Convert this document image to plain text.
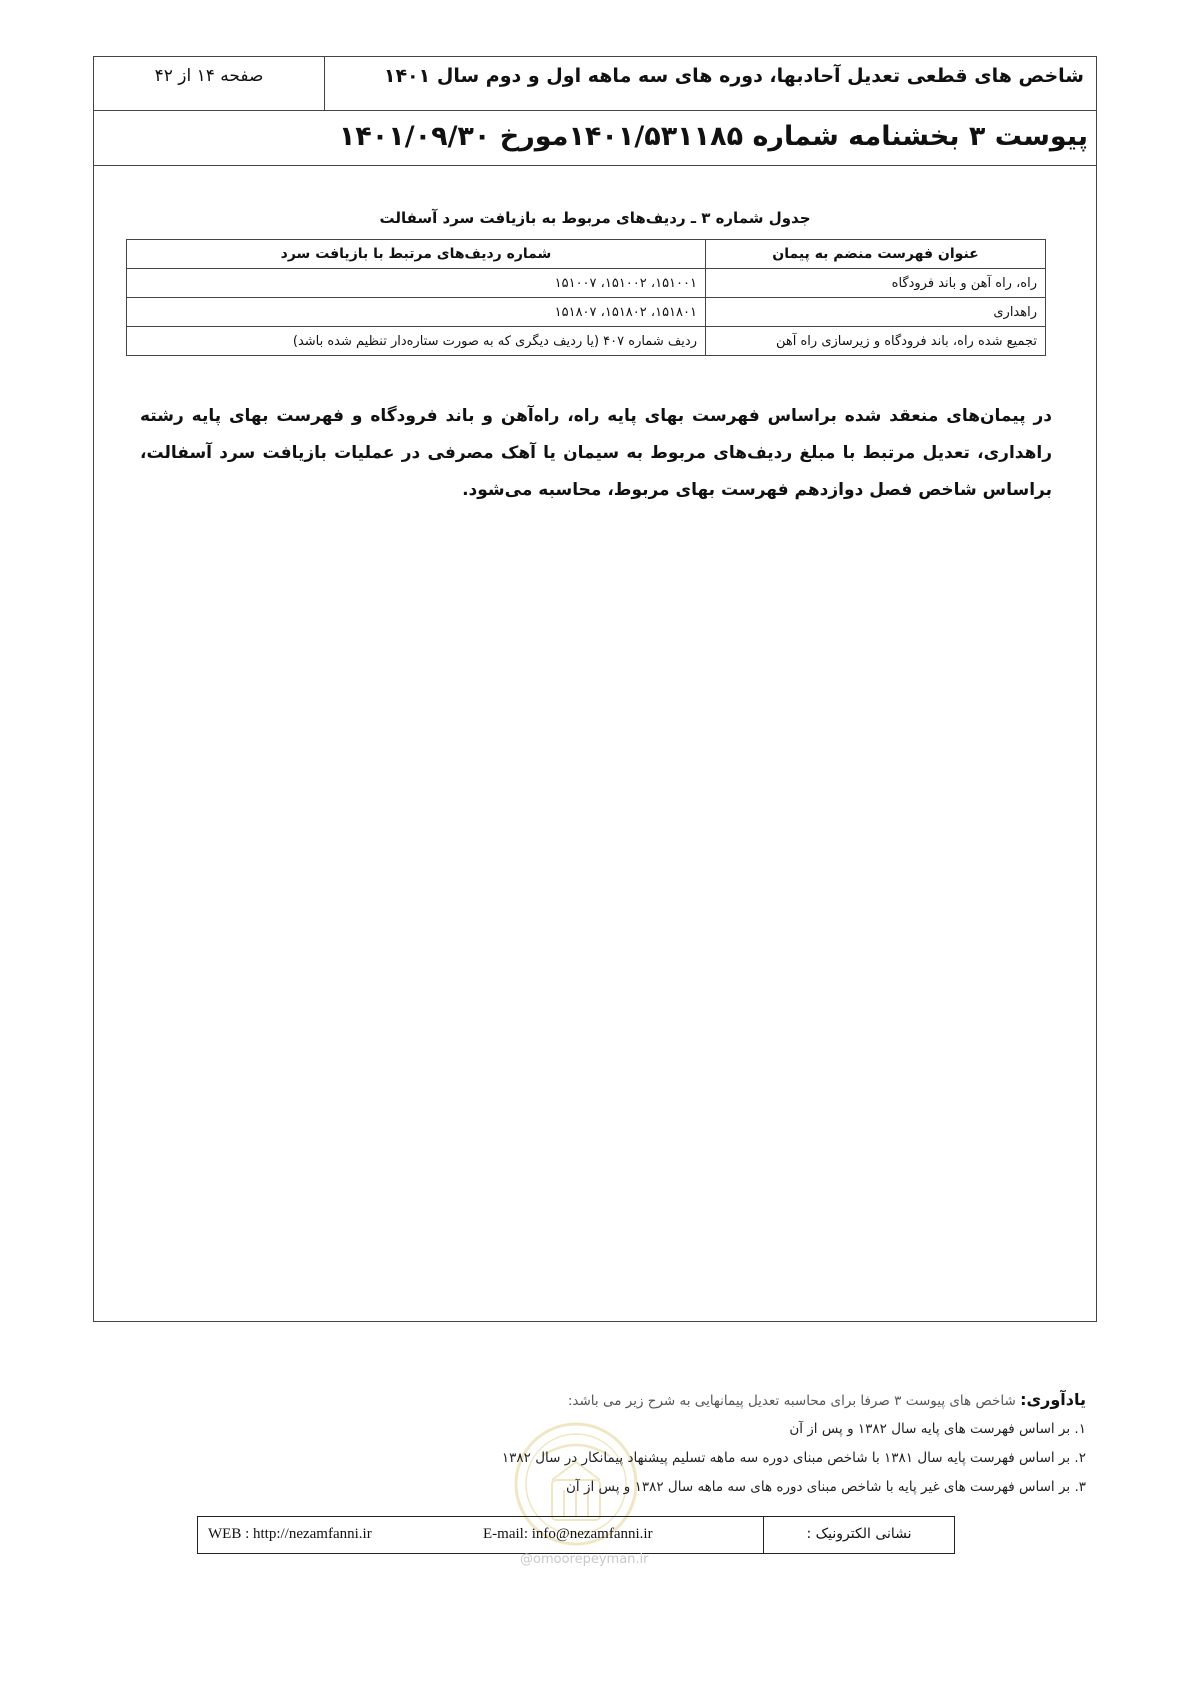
شاخص های قطعی تعدیل آحادبها، دوره های سه ماهه اول و دوم سال ۱۴۰۱
صفحه ۱۴ از ۴۲
پیوست ۳ بخشنامه شماره ۱۴۰۱/۵۳۱۱۸۵مورخ ۱۴۰۱/۰۹/۳۰
جدول شماره ۳ ـ ردیف‌های مربوط به بازیافت سرد آسفالت
عنوان فهرست منضم به پیمان	شماره ردیف‌های مرتبط با بازیافت سرد
راه، راه آهن و باند فرودگاه	۱۵۱۰۰۱، ۱۵۱۰۰۲، ۱۵۱۰۰۷
راهداری	۱۵۱۸۰۱، ۱۵۱۸۰۲، ۱۵۱۸۰۷
تجمیع شده راه، باند فرودگاه و زیرسازی راه آهن	ردیف شماره ۴۰۷ (یا ردیف دیگری که به صورت ستاره‌دار تنظیم شده باشد)
در پیمان‌های منعقد شده براساس فهرست بهای پایه راه، راه‌آهن و باند فرودگاه و فهرست بهای پایه رشته راهداری، تعدیل مرتبط با مبلغ ردیف‌های مربوط به سیمان یا آهک مصرفی در عملیات بازیافت سرد آسفالت، براساس شاخص فصل دوازدهم فهرست بهای مربوط، محاسبه می‌شود.
یادآوری: شاخص های پیوست ۳ صرفا برای محاسبه تعدیل پیمانهایی به شرح زیر می باشد:
۱. بر اساس فهرست های پایه سال ۱۳۸۲ و پس از آن
۲. بر اساس فهرست پایه سال ۱۳۸۱ با شاخص مبنای دوره سه ماهه تسلیم پیشنهاد پیمانکار در سال ۱۳۸۲
۳. بر اساس فهرست های غیر پایه با شاخص مبنای دوره های سه ماهه سال ۱۳۸۲ و پس از آن
نشانی الکترونیک :
E-mail: info@nezamfanni.ir
WEB : http://nezamfanni.ir
@omoorepeyman.ir
